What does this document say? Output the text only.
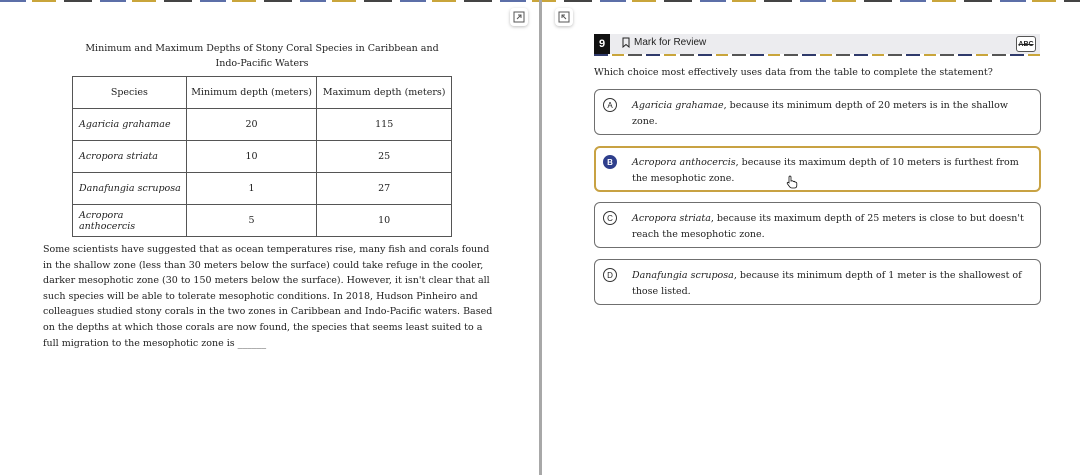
Minimum and Maximum Depths of Stony Coral Species in Caribbean and Indo-Pacific Waters
Species	Minimum depth (meters)	Maximum depth (meters)
Agaricia grahamae	20	115
Acropora striata	10	25
Danafungia scruposa	1	27
Acropora anthocercis	5	10
Some scientists have suggested that as ocean temperatures rise, many fish and corals found in the shallow zone (less than 30 meters below the surface) could take refuge in the cooler, darker mesophotic zone (30 to 150 meters below the surface). However, it isn't clear that all such species will be able to tolerate mesophotic conditions. In 2018, Hudson Pinheiro and colleagues studied stony corals in the two zones in Caribbean and Indo-Pacific waters. Based on the depths at which those corals are now found, the species that seems least suited to a full migration to the mesophotic zone is ______
9	Mark for Review	ABC
Which choice most effectively uses data from the table to complete the statement?
A	Agaricia grahamae, because its minimum depth of 20 meters is in the shallow zone.
B	Acropora anthocercis, because its maximum depth of 10 meters is furthest from the mesophotic zone.
C	Acropora striata, because its maximum depth of 25 meters is close to but doesn't reach the mesophotic zone.
D	Danafungia scruposa, because its minimum depth of 1 meter is the shallowest of those listed.
